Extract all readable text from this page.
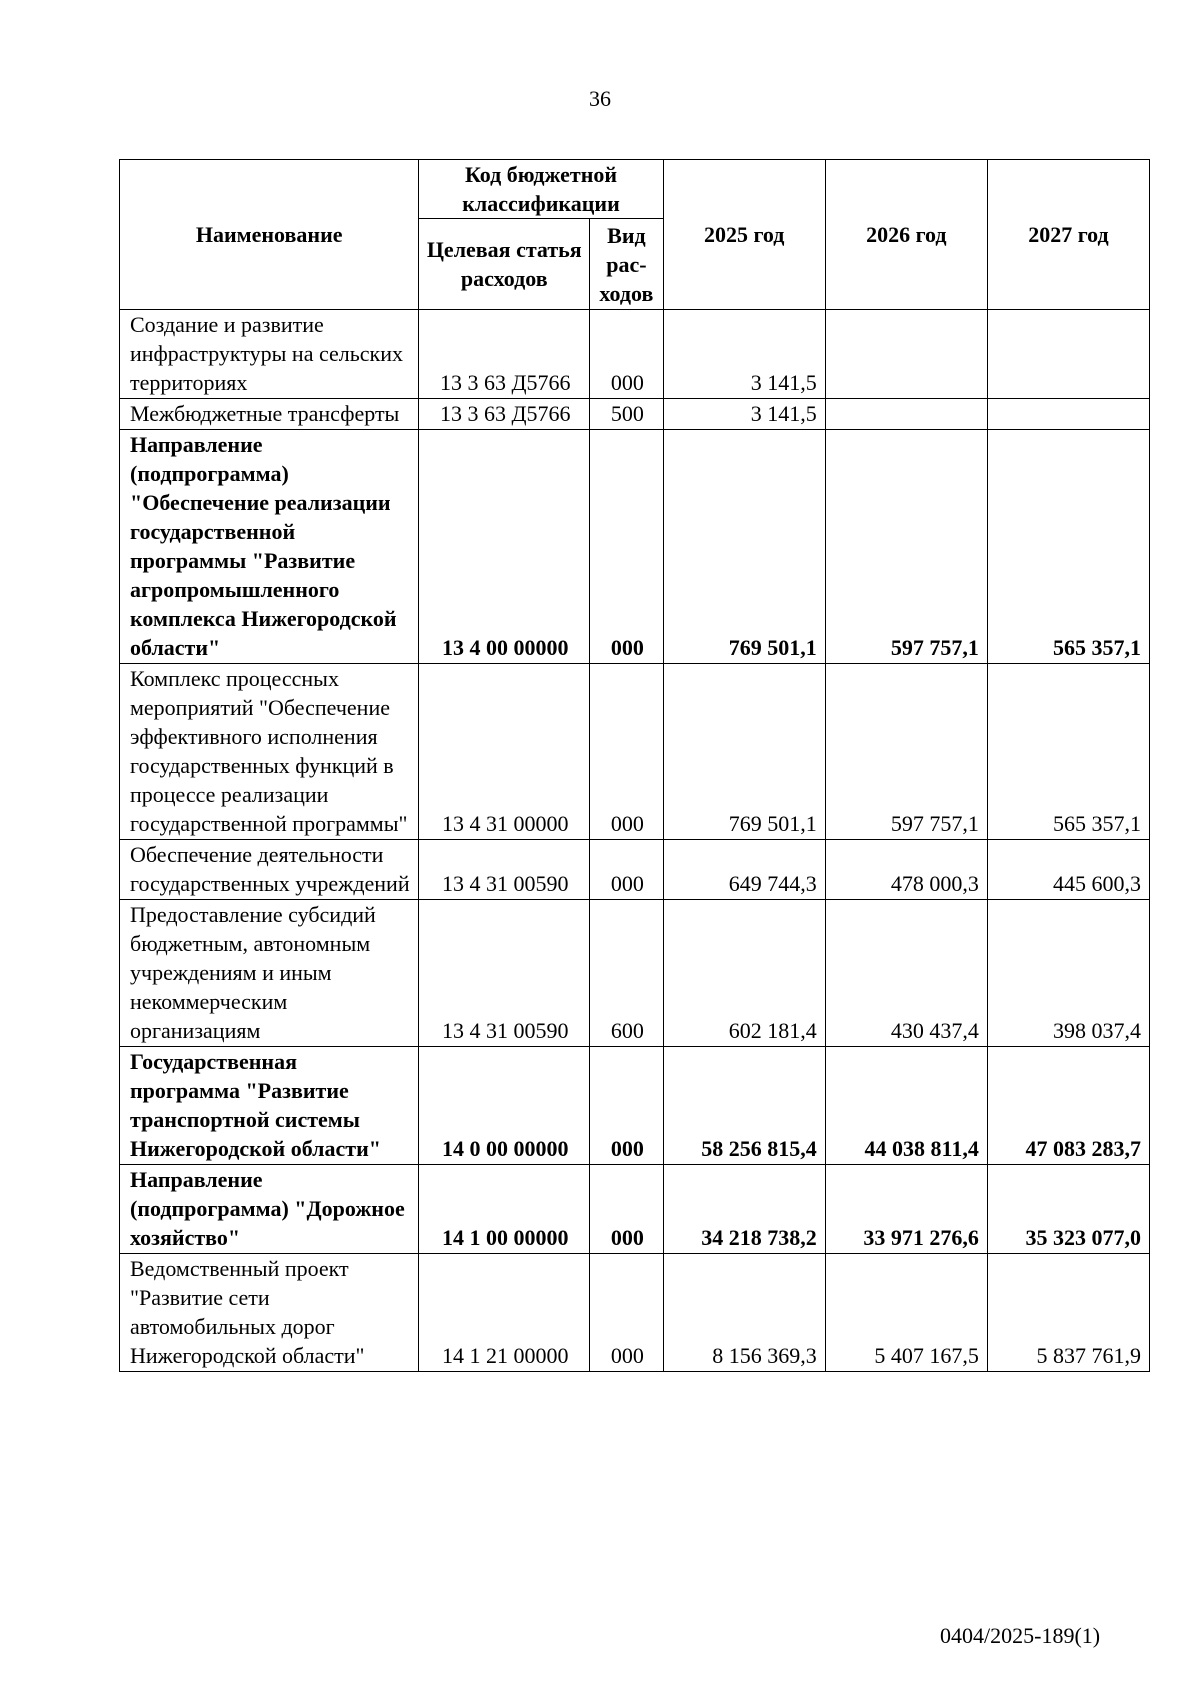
36
Наименование	Код бюджетной классификации		2025 год	2026 год	2027 год
	Целевая статья расходов	Вид рас- ходов			
Создание и развитие инфраструктуры на сельских территориях	13 3 63 Д5766	000	3 141,5		
Межбюджетные трансферты	13 3 63 Д5766	500	3 141,5		
Направление (подпрограмма) "Обеспечение реализации государственной программы "Развитие агропромышленного комплекса Нижегородской области"	13 4 00 00000	000	769 501,1	597 757,1	565 357,1
Комплекс процессных мероприятий "Обеспечение эффективного исполнения государственных функций в процессе реализации государственной программы"	13 4 31 00000	000	769 501,1	597 757,1	565 357,1
Обеспечение деятельности государственных учреждений	13 4 31 00590	000	649 744,3	478 000,3	445 600,3
Предоставление субсидий бюджетным, автономным учреждениям и иным некоммерческим организациям	13 4 31 00590	600	602 181,4	430 437,4	398 037,4
Государственная программа "Развитие транспортной системы Нижегородской области"	14 0 00 00000	000	58 256 815,4	44 038 811,4	47 083 283,7
Направление (подпрограмма) "Дорожное хозяйство"	14 1 00 00000	000	34 218 738,2	33 971 276,6	35 323 077,0
Ведомственный проект "Развитие сети автомобильных дорог Нижегородской области"	14 1 21 00000	000	8 156 369,3	5 407 167,5	5 837 761,9
0404/2025-189(1)
